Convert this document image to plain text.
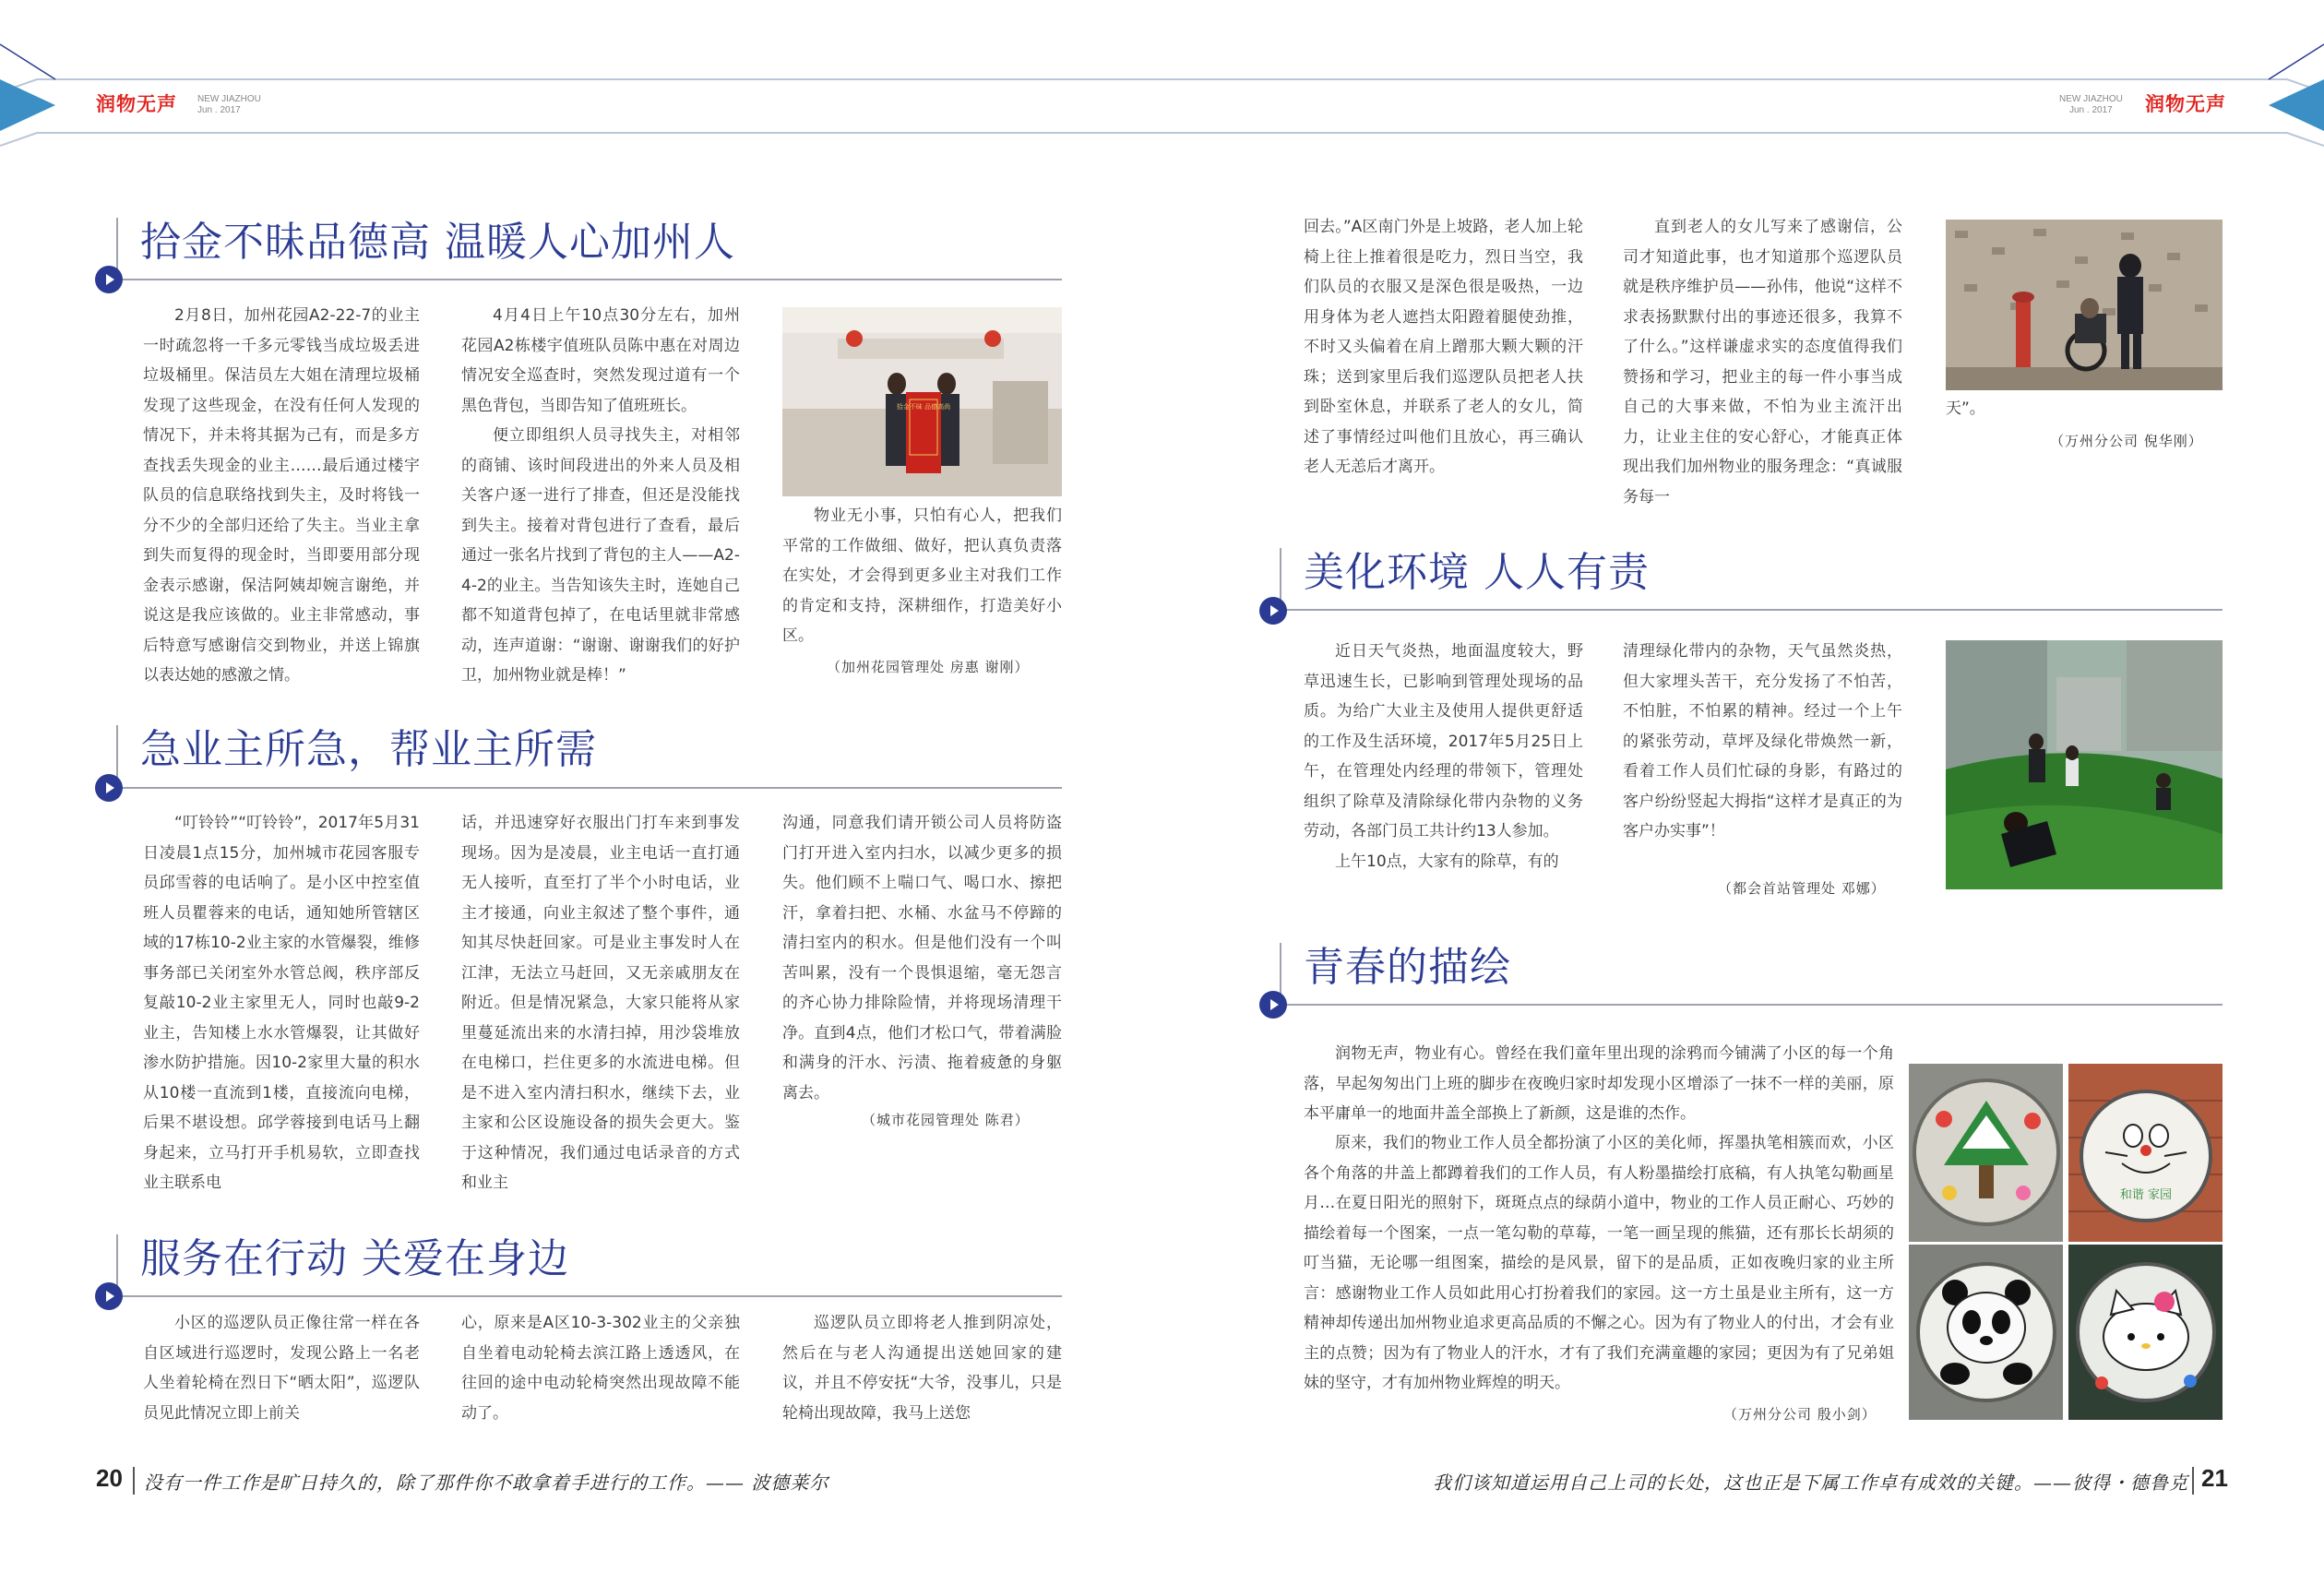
润物无声 NEW JIAZHOU
Jun . 2017
NEW JIAZHOU
Jun . 2017 润物无声
拾金不昧品德高 温暖人心加州人

2月8日，加州花园A2-22-7的业主一时疏忽将一千多元零钱当成垃圾丢进垃圾桶里。保洁员左大姐在清理垃圾桶发现了这些现金，在没有任何人发现的情况下，并未将其据为己有，而是多方查找丢失现金的业主……最后通过楼宇队员的信息联络找到失主，及时将钱一分不少的全部归还给了失主。当业主拿到失而复得的现金时，当即要用部分现金表示感谢，保洁阿姨却婉言谢绝，并说这是我应该做的。业主非常感动，事后特意写感谢信交到物业，并送上锦旗以表达她的感激之情。

4月4日上午10点30分左右，加州花园A2栋楼宇值班队员陈中惠在对周边情况安全巡查时，突然发现过道有一个黑色背包，当即告知了值班班长。

便立即组织人员寻找失主，对相邻的商铺、该时间段进出的外来人员及相关客户逐一进行了排查，但还是没能找到失主。接着对背包进行了查看，最后通过一张名片找到了背包的主人——A2-4-2的业主。当告知该失主时，连她自己都不知道背包掉了，在电话里就非常感动，连声道谢：“谢谢、谢谢我们的好护卫，加州物业就是棒！”

拾金不昧 品德高尚

物业无小事，只怕有心人，把我们平常的工作做细、做好，把认真负责落在实处，才会得到更多业主对我们工作的肯定和支持，深耕细作，打造美好小区。

（加州花园管理处 房惠 谢刚）
急业主所急，帮业主所需

“叮铃铃”“叮铃铃”，2017年5月31日凌晨1点15分，加州城市花园客服专员邱雪蓉的电话响了。是小区中控室值班人员瞿蓉来的电话，通知她所管辖区域的17栋10-2业主家的水管爆裂，维修事务部已关闭室外水管总阀，秩序部反复敲10-2业主家里无人，同时也敲9-2业主，告知楼上水水管爆裂，让其做好渗水防护措施。因10-2家里大量的积水从10楼一直流到1楼，直接流向电梯，后果不堪设想。邱学蓉接到电话马上翻身起来，立马打开手机易软，立即查找业主联系电

话，并迅速穿好衣服出门打车来到事发现场。因为是凌晨，业主电话一直打通无人接听，直至打了半个小时电话，业主才接通，向业主叙述了整个事件，通知其尽快赶回家。可是业主事发时人在江津，无法立马赶回，又无亲戚朋友在附近。但是情况紧急，大家只能将从家里蔓延流出来的水清扫掉，用沙袋堆放在电梯口，拦住更多的水流进电梯。但是不进入室内清扫积水，继续下去，业主家和公区设施设备的损失会更大。鉴于这种情况，我们通过电话录音的方式和业主

沟通，同意我们请开锁公司人员将防盗门打开进入室内扫水，以减少更多的损失。他们顾不上喘口气、喝口水、擦把汗，拿着扫把、水桶、水盆马不停蹄的清扫室内的积水。但是他们没有一个叫苦叫累，没有一个畏惧退缩，毫无怨言的齐心协力排除险情，并将现场清理干净。直到4点，他们才松口气，带着满脸和满身的汗水、污渍、拖着疲惫的身躯离去。

（城市花园管理处 陈君）
服务在行动 关爱在身边

小区的巡逻队员正像往常一样在各自区域进行巡逻时，发现公路上一名老人坐着轮椅在烈日下“晒太阳”，巡逻队员见此情况立即上前关

心，原来是A区10-3-302业主的父亲独自坐着电动轮椅去滨江路上透透风，在往回的途中电动轮椅突然出现故障不能动了。

巡逻队员立即将老人推到阴凉处，然后在与老人沟通提出送她回家的建议，并且不停安抚“大爷，没事儿，只是轮椅出现故障，我马上送您

回去。”A区南门外是上坡路，老人加上轮椅上往上推着很是吃力，烈日当空，我们队员的衣服又是深色很是吸热，一边用身体为老人遮挡太阳蹬着腿使劲推，不时又头偏着在肩上蹭那大颗大颗的汗珠；送到家里后我们巡逻队员把老人扶到卧室休息，并联系了老人的女儿，简述了事情经过叫他们且放心，再三确认老人无恙后才离开。

直到老人的女儿写来了感谢信，公司才知道此事，也才知道那个巡逻队员就是秩序维护员——孙伟，他说“这样不求表扬默默付出的事迹还很多，我算不了什么。”这样谦虚求实的态度值得我们赞扬和学习，把业主的每一件小事当成自己的大事来做，不怕为业主流汗出力，让业主住的安心舒心，才能真正体现出我们加州物业的服务理念：“真诚服务每一

天”。

（万州分公司 倪华刚）
美化环境 人人有责

近日天气炎热，地面温度较大，野草迅速生长，已影响到管理处现场的品质。为给广大业主及使用人提供更舒适的工作及生活环境，2017年5月25日上午，在管理处内经理的带领下，管理处组织了除草及清除绿化带内杂物的义务劳动，各部门员工共计约13人参加。

上午10点，大家有的除草，有的

清理绿化带内的杂物，天气虽然炎热，但大家埋头苦干，充分发扬了不怕苦，不怕脏，不怕累的精神。经过一个上午的紧张劳动，草坪及绿化带焕然一新，看着工作人员们忙碌的身影，有路过的客户纷纷竖起大拇指“这样才是真正的为客户办实事”！

（都会首站管理处 邓娜）
青春的描绘

润物无声，物业有心。曾经在我们童年里出现的涂鸦而今铺满了小区的每一个角落，早起匆匆出门上班的脚步在夜晚归家时却发现小区增添了一抹不一样的美丽，原本平庸单一的地面井盖全部换上了新颜，这是谁的杰作。

原来，我们的物业工作人员全都扮演了小区的美化师，挥墨执笔相簇而欢，小区各个角落的井盖上都蹲着我们的工作人员，有人粉墨描绘打底稿，有人执笔勾勒画星月…在夏日阳光的照射下，斑斑点点的绿荫小道中，物业的工作人员正耐心、巧妙的描绘着每一个图案，一点一笔勾勒的草莓，一笔一画呈现的熊猫，还有那长长胡须的叮当猫，无论哪一组图案，描绘的是风景，留下的是品质，正如夜晚归家的业主所言：感谢物业工作人员如此用心打扮着我们的家园。这一方土虽是业主所有，这一方精神却传递出加州物业追求更高品质的不懈之心。因为有了物业人的付出，才会有业主的点赞；因为有了物业人的汗水，才有了我们充满童趣的家园；更因为有了兄弟姐妹的坚守，才有加州物业辉煌的明天。

（万州分公司 殷小剑）
和谐 家园
20 没有一件工作是旷日持久的，除了那件你不敢拿着手进行的工作。—— 波德莱尔	我们该知道运用自己上司的长处，这也正是下属工作卓有成效的关键。——彼得・德鲁克 21
